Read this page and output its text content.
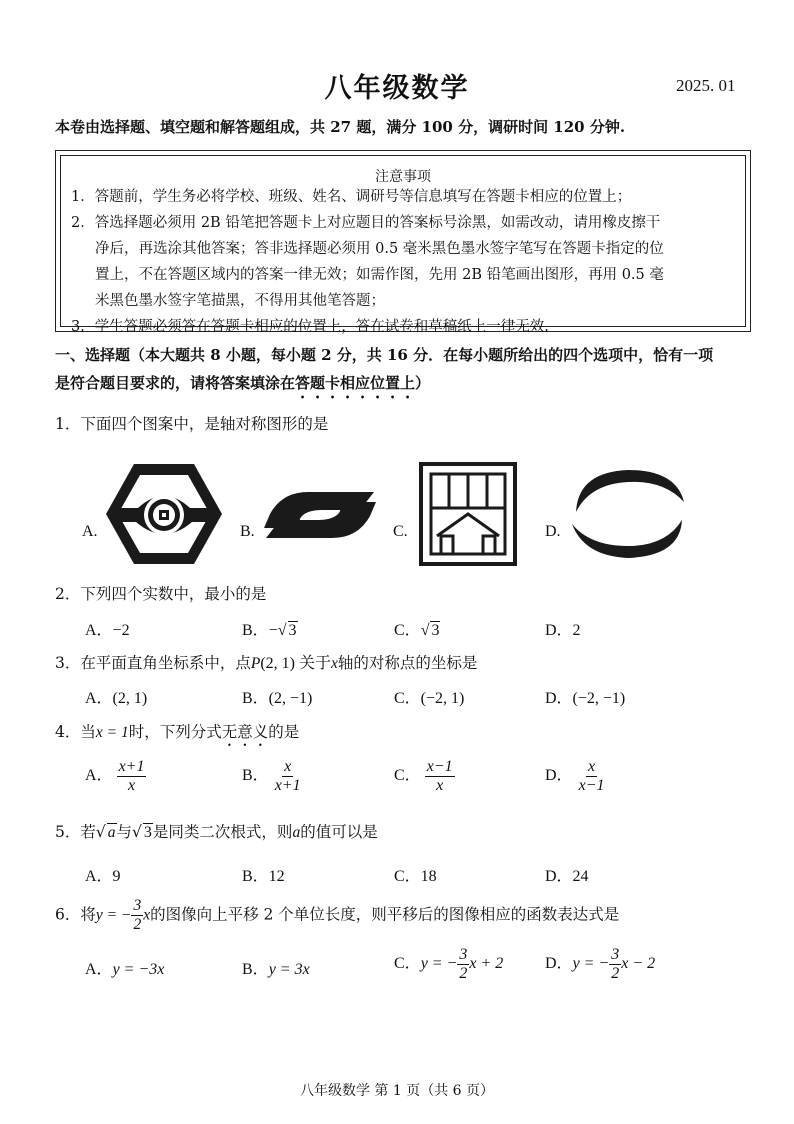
八年级数学	2025. 01
本卷由选择题、填空题和解答题组成，共 27 题，满分 100 分，调研时间 120 分钟.
注意事项
1．答题前，学生务必将学校、班级、姓名、调研号等信息填写在答题卡相应的位置上；
2．答选择题必须用 2B 铅笔把答题卡上对应题目的答案标号涂黑，如需改动，请用橡皮擦干
净后，再选涂其他答案；答非选择题必须用 0.5 毫米黑色墨水签字笔写在答题卡指定的位
置上，不在答题区域内的答案一律无效；如需作图，先用 2B 铅笔画出图形，再用 0.5 毫
米黑色墨水签字笔描黑，不得用其他笔答题；
3．学生答题必须答在答题卡相应的位置上，答在试卷和草稿纸上一律无效.
一、选择题（本大题共 8 小题，每小题 2 分，共 16 分．在每小题所给出的四个选项中，恰有一项
是符合题目要求的，请将答案填涂在答题卡相应位置上）
1．下面四个图案中，是轴对称图形的是
A.	B.	C.	D.
2．下列四个实数中，最小的是
A．−2	B．−√ 3	C．√ 3	D．2
3．在平面直角坐标系中，点P(2, 1) 关于x轴的对称点的坐标是
A．(2, 1)	B．(2, −1)	C．(−2, 1)	D．(−2, −1)
4．当x = 1时，下列分式无意义的是
A． $\frac{x+1}{x}$	B． $\frac{x}{x+1}$	C． $\frac{x-1}{x}$	D． $\frac{x}{x-1}$
5．若√ a与√ 3是同类二次根式，则a的值可以是
A．9	B．12	C．18	D．24
6．将y = − $\frac{3}{2}$ x的图像向上平移 2 个单位长度，则平移后的图像相应的函数表达式是
A．y = −3x	B．y = 3x	C．y = − $\frac{3}{2}$ x + 2	D．y = − $\frac{3}{2}$ x − 2
八年级数学 第 1 页（共 6 页）
